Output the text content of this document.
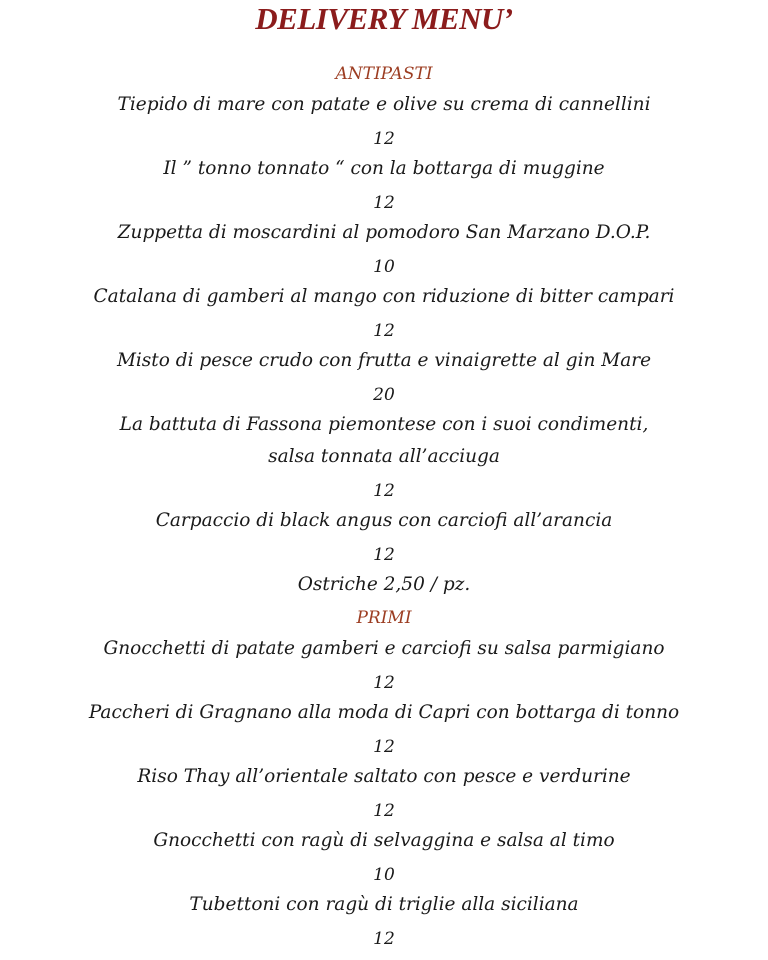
DELIVERY MENU’
ANTIPASTI
Tiepido di mare con patate e olive su crema di cannellini
12
Il ” tonno tonnato “ con la bottarga di muggine
12
Zuppetta di moscardini al pomodoro San Marzano D.O.P.
10
Catalana di gamberi al mango con riduzione di bitter campari
12
Misto di pesce crudo con frutta e vinaigrette al gin Mare
20
La battuta di Fassona piemontese con i suoi condimenti,
salsa tonnata all’acciuga
12
Carpaccio di black angus con carciofi all’arancia
12
Ostriche 2,50 / pz.
PRIMI
Gnocchetti di patate gamberi e carciofi su salsa parmigiano
12
Paccheri di Gragnano alla moda di Capri con bottarga di tonno
12
Riso Thay all’orientale saltato con pesce e verdurine
12
Gnocchetti con ragù di selvaggina e salsa al timo
10
Tubettoni con ragù di triglie alla siciliana
12
